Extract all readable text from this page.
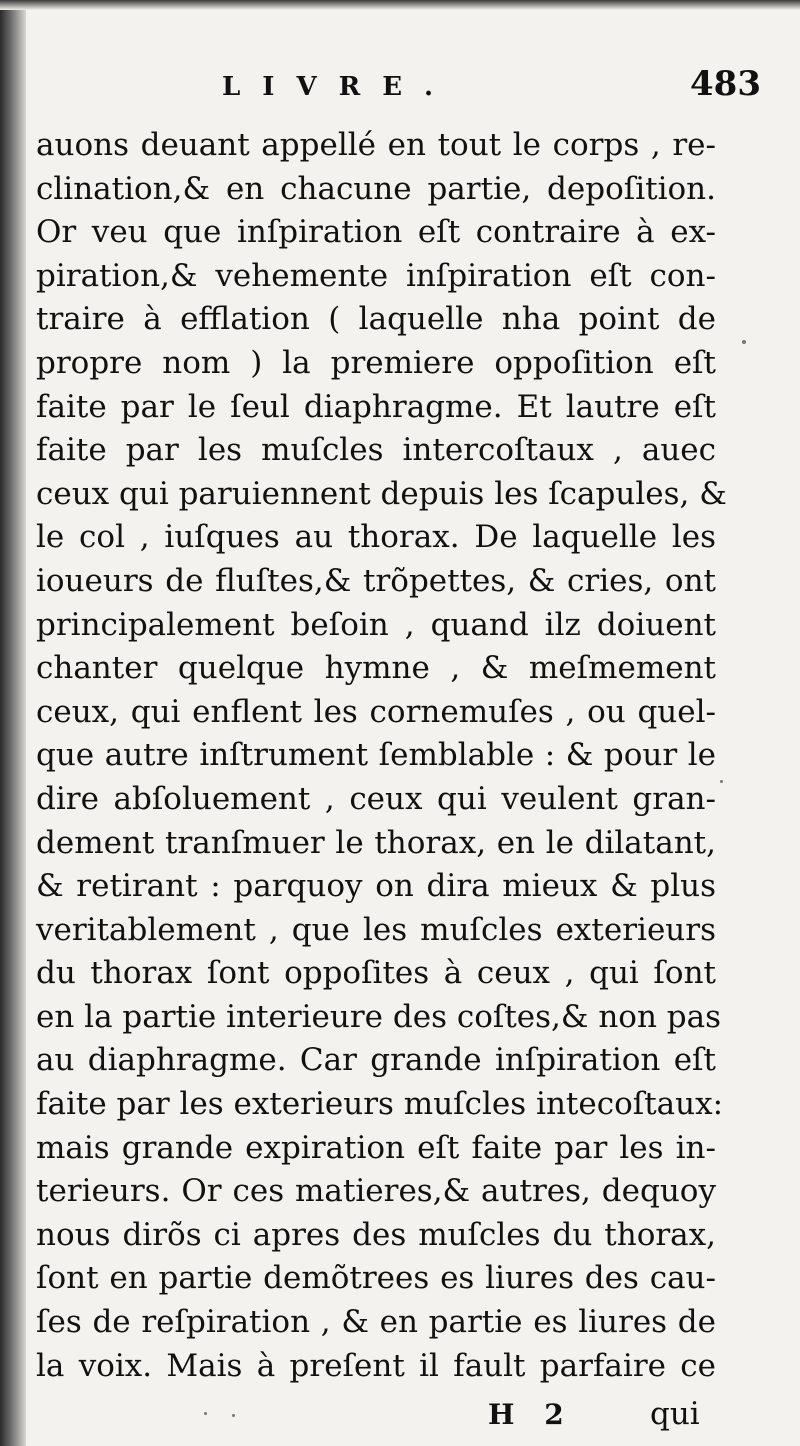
LIVRE.	483
auons deuant appellé en tout le corps , re-
clination,& en chacune partie, depoſition.
Or veu que inſpiration eſt contraire à ex-
piration,& vehemente inſpiration eſt con-
traire à efflation ( laquelle nha point de
propre nom ) la premiere oppoſition eſt
faite par le ſeul diaphragme. Et lautre eſt
faite par les muſcles intercoſtaux , auec
ceux qui paruiennent depuis les ſcapules, &
le col , iuſques au thorax. De laquelle les
ioueurs de fluſtes,& trõpettes, & cries, ont
principalement beſoin , quand ilz doiuent
chanter quelque hymne , & meſmement
ceux, qui enflent les cornemuſes , ou quel-
que autre inſtrument ſemblable : & pour le
dire abſoluement , ceux qui veulent gran-
dement tranſmuer le thorax, en le dilatant,
& retirant : parquoy on dira mieux & plus
veritablement , que les muſcles exterieurs
du thorax ſont oppoſites à ceux , qui ſont
en la partie interieure des coſtes,& non pas
au diaphragme. Car grande inſpiration eſt
faite par les exterieurs muſcles intecoſtaux:
mais grande expiration eſt faite par les in-
terieurs. Or ces matieres,& autres, dequoy
nous dirõs ci apres des muſcles du thorax,
ſont en partie demõtrees es liures des cau-
ſes de reſpiration , & en partie es liures de
la voix. Mais à preſent il fault parfaire ce
H 2 qui
